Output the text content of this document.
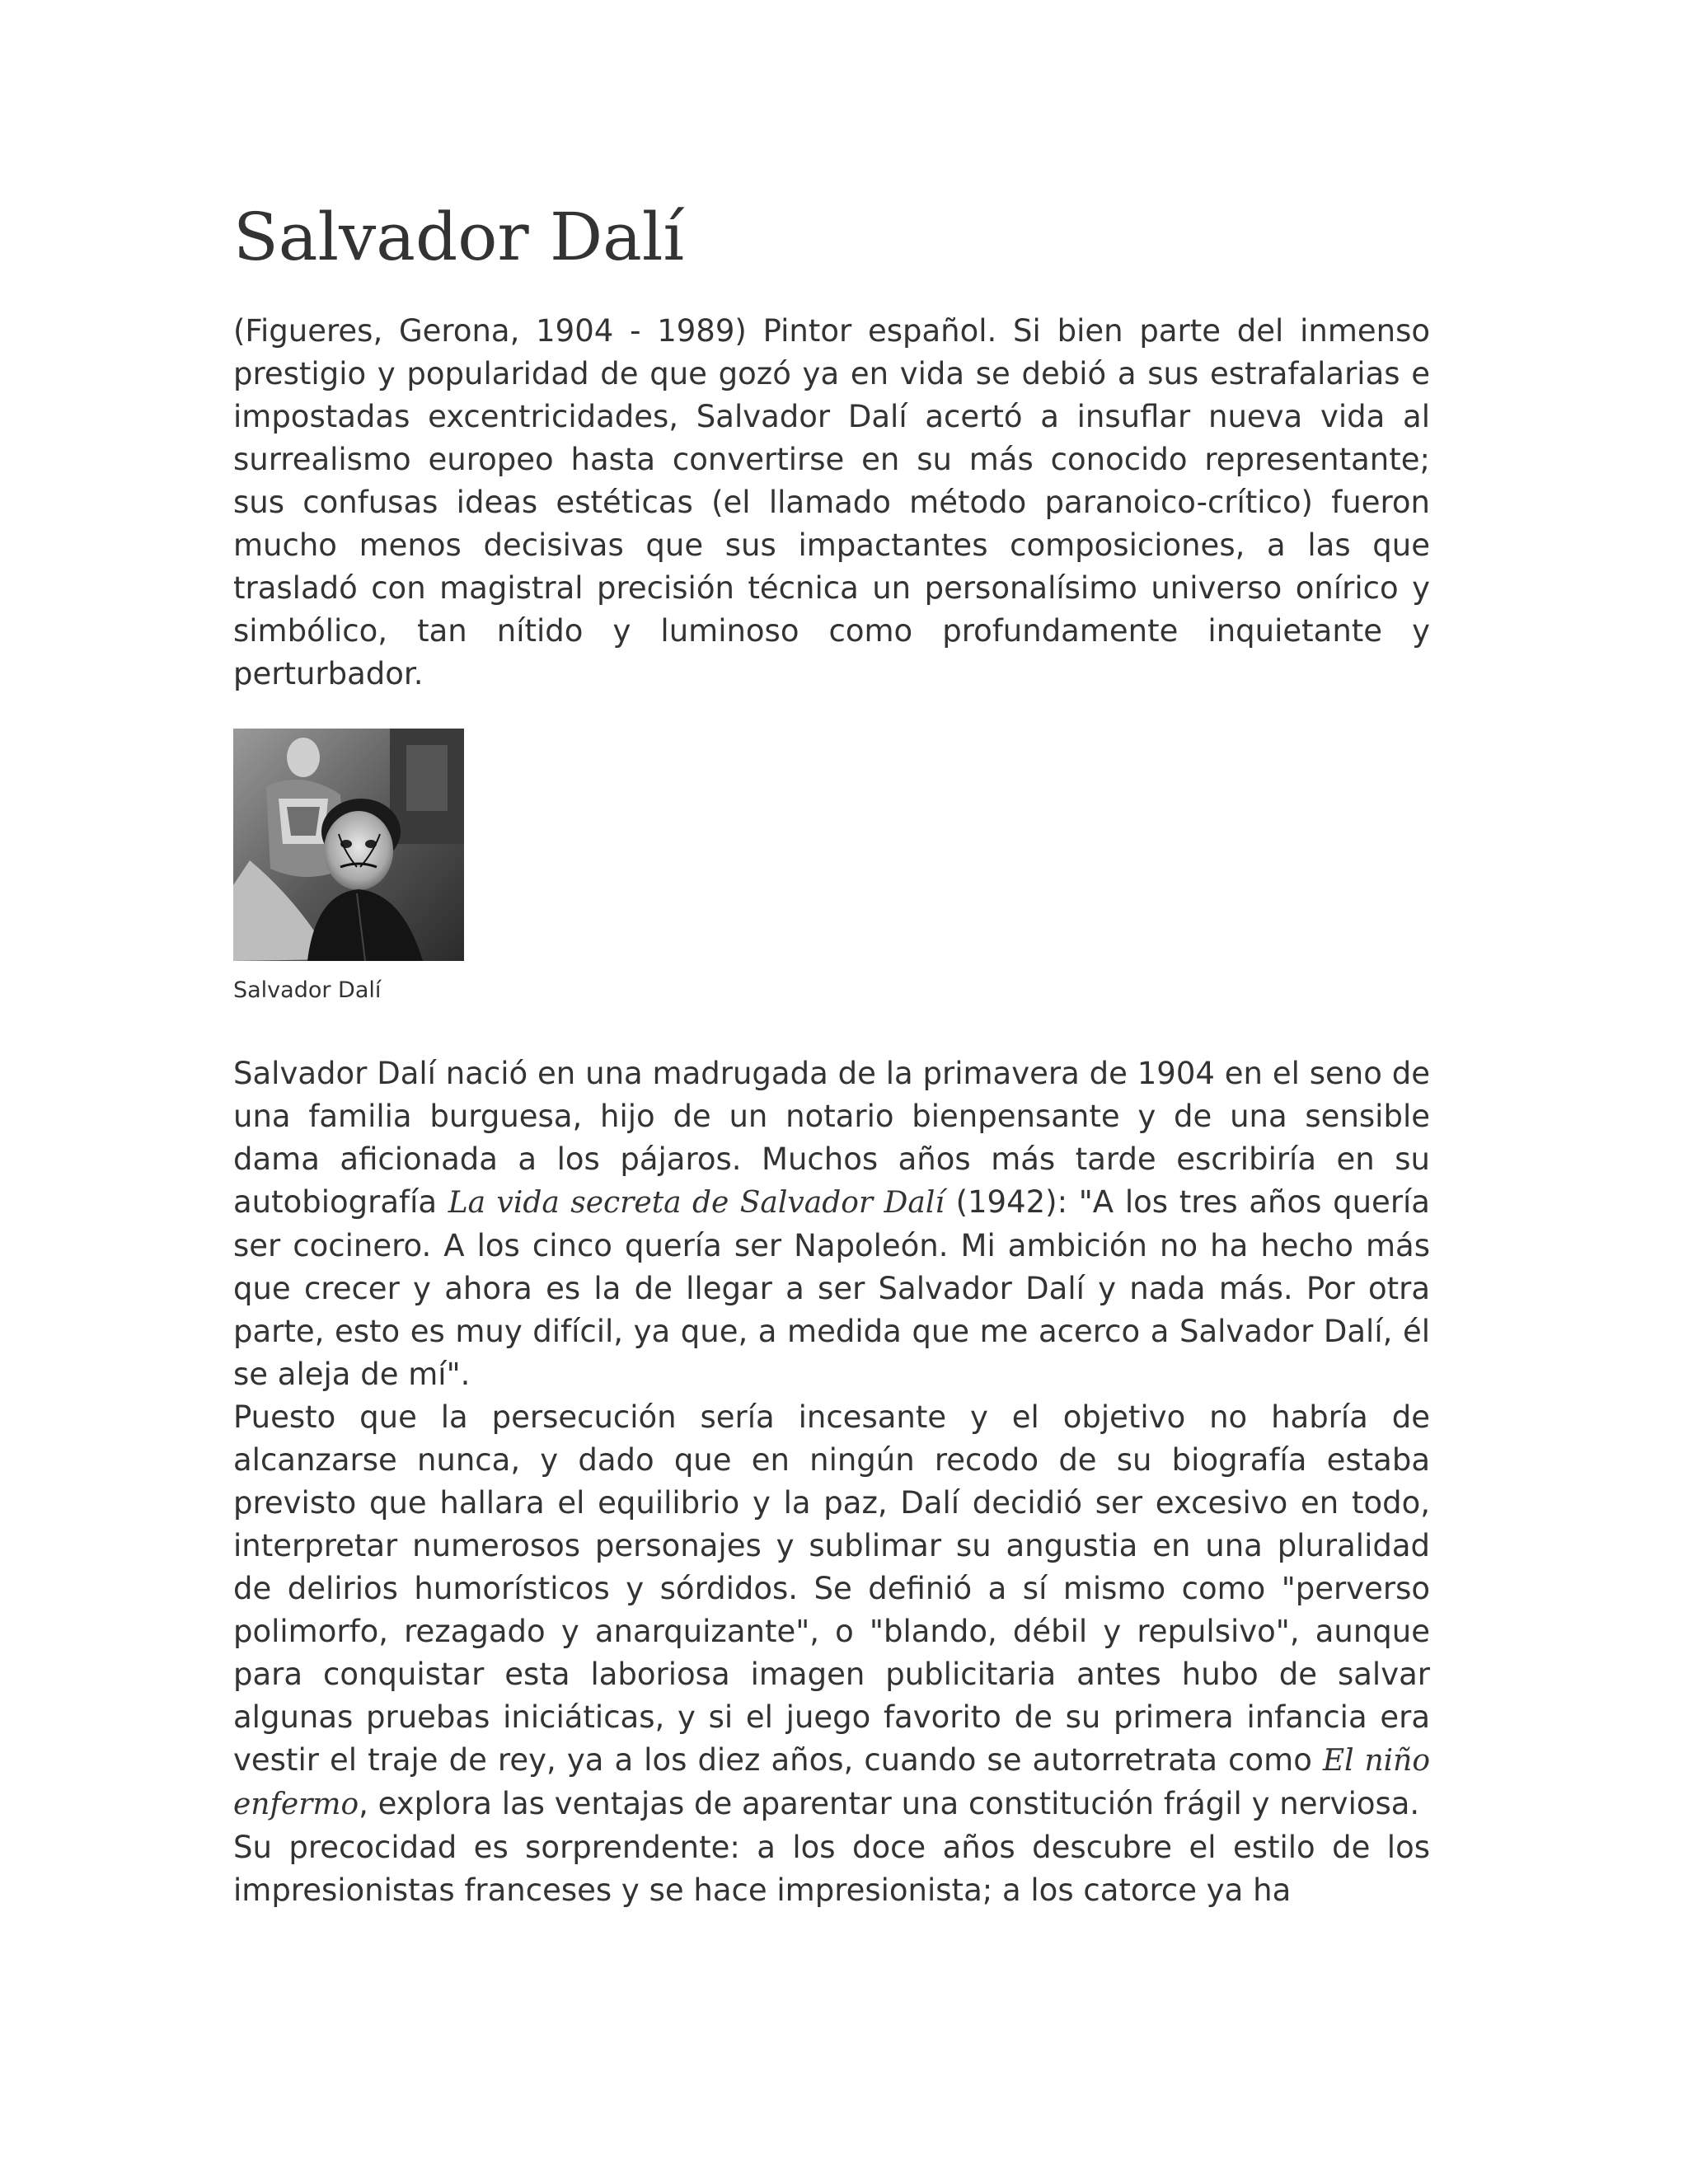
Salvador Dalí

(Figueres, Gerona, 1904 - 1989) Pintor español. Si bien parte del inmenso prestigio y popularidad de que gozó ya en vida se debió a sus estrafalarias e impostadas excentricidades, Salvador Dalí acertó a insuflar nueva vida al surrealismo europeo hasta convertirse en su más conocido representante; sus confusas ideas estéticas (el llamado método paranoico-crítico) fueron mucho menos decisivas que sus impactantes composiciones, a las que trasladó con magistral precisión técnica un personalísimo universo onírico y simbólico, tan nítido y luminoso como profundamente inquietante y perturbador.

Salvador Dalí

Salvador Dalí nació en una madrugada de la primavera de 1904 en el seno de una familia burguesa, hijo de un notario bienpensante y de una sensible dama aficionada a los pájaros. Muchos años más tarde escribiría en su autobiografía La vida secreta de Salvador Dalí (1942): "A los tres años quería ser cocinero. A los cinco quería ser Napoleón. Mi ambición no ha hecho más que crecer y ahora es la de llegar a ser Salvador Dalí y nada más. Por otra parte, esto es muy difícil, ya que, a medida que me acerco a Salvador Dalí, él se aleja de mí".

Puesto que la persecución sería incesante y el objetivo no habría de alcanzarse nunca, y dado que en ningún recodo de su biografía estaba previsto que hallara el equilibrio y la paz, Dalí decidió ser excesivo en todo, interpretar numerosos personajes y sublimar su angustia en una pluralidad de delirios humorísticos y sórdidos. Se definió a sí mismo como "perverso polimorfo, rezagado y anarquizante", o "blando, débil y repulsivo", aunque para conquistar esta laboriosa imagen publicitaria antes hubo de salvar algunas pruebas iniciáticas, y si el juego favorito de su primera infancia era vestir el traje de rey, ya a los diez años, cuando se autorretrata como El niño enfermo, explora las ventajas de aparentar una constitución frágil y nerviosa.

Su precocidad es sorprendente: a los doce años descubre el estilo de los impresionistas franceses y se hace impresionista; a los catorce ya ha
